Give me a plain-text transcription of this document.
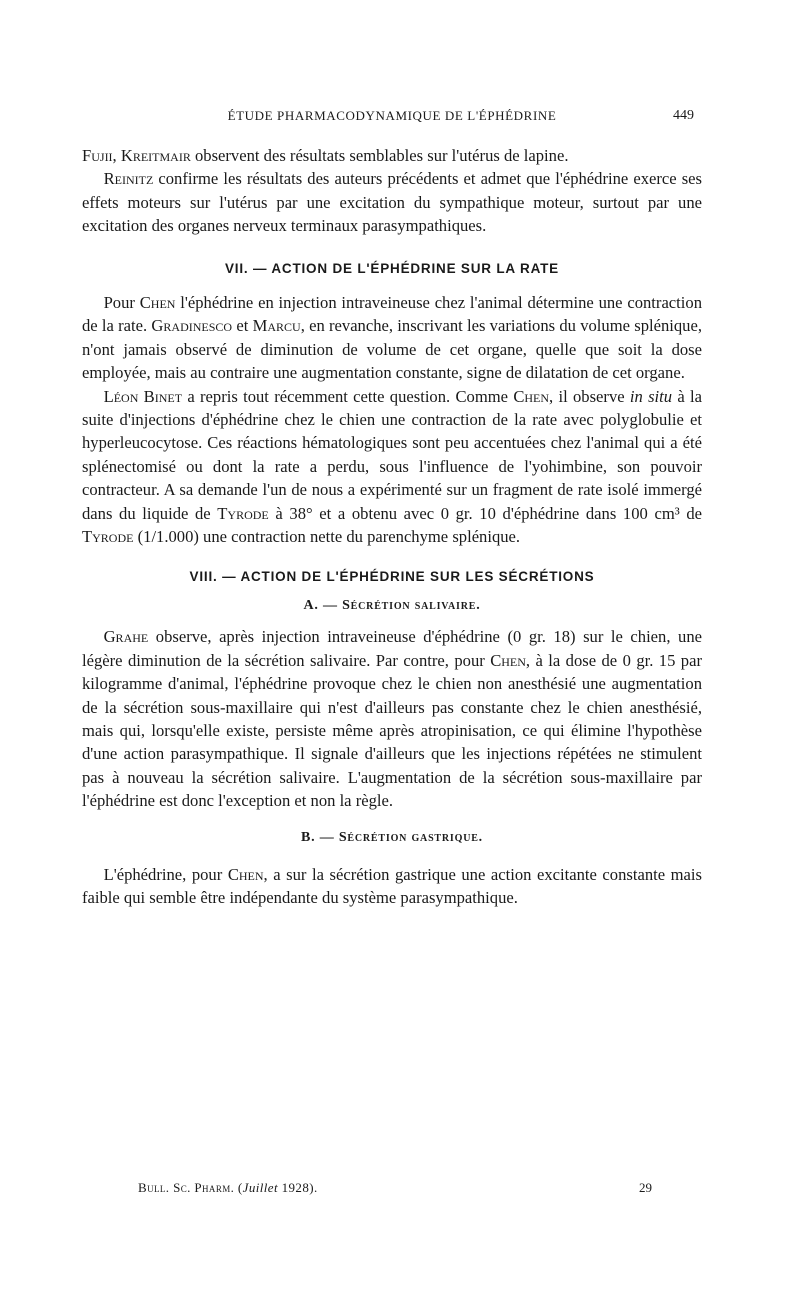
ÉTUDE PHARMACODYNAMIQUE DE L'ÉPHÉDRINE	449

Fujii, Kreitmair observent des résultats semblables sur l'utérus de lapine.

Reinitz confirme les résultats des auteurs précédents et admet que l'éphédrine exerce ses effets moteurs sur l'utérus par une excitation du sympathique moteur, surtout par une excitation des organes nerveux terminaux parasympathiques.

VII. — ACTION DE L'ÉPHÉDRINE SUR LA RATE

Pour Chen l'éphédrine en injection intraveineuse chez l'animal détermine une contraction de la rate. Gradinesco et Marcu, en revanche, inscrivant les variations du volume splénique, n'ont jamais observé de diminution de volume de cet organe, quelle que soit la dose employée, mais au contraire une augmentation constante, signe de dilatation de cet organe.

Léon Binet a repris tout récemment cette question. Comme Chen, il observe in situ à la suite d'injections d'éphédrine chez le chien une contraction de la rate avec polyglobulie et hyperleucocytose. Ces réactions hématologiques sont peu accentuées chez l'animal qui a été splénectomisé ou dont la rate a perdu, sous l'influence de l'yohimbine, son pouvoir contracteur. A sa demande l'un de nous a expérimenté sur un fragment de rate isolé immergé dans du liquide de Tyrode à 38° et a obtenu avec 0 gr. 10 d'éphédrine dans 100 cm³ de Tyrode (1/1.000) une contraction nette du parenchyme splénique.

VIII. — ACTION DE L'ÉPHÉDRINE SUR LES SÉCRÉTIONS
A. — Sécrétion salivaire.

Grahe observe, après injection intraveineuse d'éphédrine (0 gr. 18) sur le chien, une légère diminution de la sécrétion salivaire. Par contre, pour Chen, à la dose de 0 gr. 15 par kilogramme d'animal, l'éphédrine provoque chez le chien non anesthésié une augmentation de la sécrétion sous-maxillaire qui n'est d'ailleurs pas constante chez le chien anesthésié, mais qui, lorsqu'elle existe, persiste même après atropinisation, ce qui élimine l'hypothèse d'une action parasympathique. Il signale d'ailleurs que les injections répétées ne stimulent pas à nouveau la sécrétion salivaire. L'augmentation de la sécrétion sous-maxillaire par l'éphédrine est donc l'exception et non la règle.

B. — Sécrétion gastrique.

L'éphédrine, pour Chen, a sur la sécrétion gastrique une action excitante constante mais faible qui semble être indépendante du système parasympathique.

Bull. Sc. Pharm. (Juillet 1928).	29
